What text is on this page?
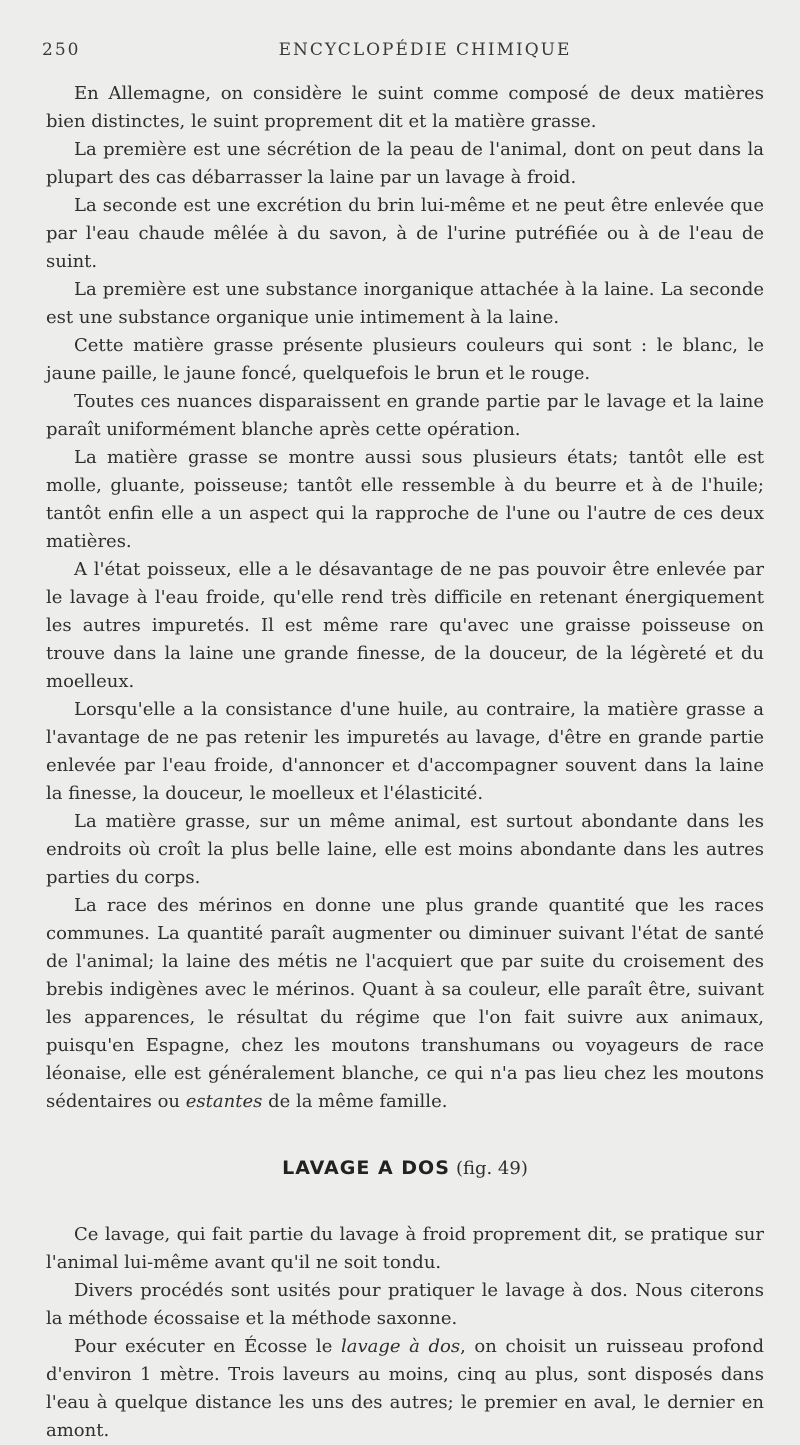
250	ENCYCLOPÉDIE CHIMIQUE

En Allemagne, on considère le suint comme composé de deux matières bien distinctes, le suint proprement dit et la matière grasse.

La première est une sécrétion de la peau de l'animal, dont on peut dans la plupart des cas débarrasser la laine par un lavage à froid.

La seconde est une excrétion du brin lui-même et ne peut être enlevée que par l'eau chaude mêlée à du savon, à de l'urine putréfiée ou à de l'eau de suint.

La première est une substance inorganique attachée à la laine. La seconde est une substance organique unie intimement à la laine.

Cette matière grasse présente plusieurs couleurs qui sont : le blanc, le jaune paille, le jaune foncé, quelquefois le brun et le rouge.

Toutes ces nuances disparaissent en grande partie par le lavage et la laine paraît uniformément blanche après cette opération.

La matière grasse se montre aussi sous plusieurs états; tantôt elle est molle, gluante, poisseuse; tantôt elle ressemble à du beurre et à de l'huile; tantôt enfin elle a un aspect qui la rapproche de l'une ou l'autre de ces deux matières.

A l'état poisseux, elle a le désavantage de ne pas pouvoir être enlevée par le lavage à l'eau froide, qu'elle rend très difficile en retenant énergiquement les autres impuretés. Il est même rare qu'avec une graisse poisseuse on trouve dans la laine une grande finesse, de la douceur, de la légèreté et du moelleux.

Lorsqu'elle a la consistance d'une huile, au contraire, la matière grasse a l'avantage de ne pas retenir les impuretés au lavage, d'être en grande partie enlevée par l'eau froide, d'annoncer et d'accompagner souvent dans la laine la finesse, la douceur, le moelleux et l'élasticité.

La matière grasse, sur un même animal, est surtout abondante dans les endroits où croît la plus belle laine, elle est moins abondante dans les autres parties du corps.

La race des mérinos en donne une plus grande quantité que les races communes. La quantité paraît augmenter ou diminuer suivant l'état de santé de l'animal; la laine des métis ne l'acquiert que par suite du croisement des brebis indigènes avec le mérinos. Quant à sa couleur, elle paraît être, suivant les apparences, le résultat du régime que l'on fait suivre aux animaux, puisqu'en Espagne, chez les moutons transhumans ou voyageurs de race léonaise, elle est généralement blanche, ce qui n'a pas lieu chez les moutons sédentaires ou estantes de la même famille.

LAVAGE A DOS (fig. 49)

Ce lavage, qui fait partie du lavage à froid proprement dit, se pratique sur l'animal lui-même avant qu'il ne soit tondu.

Divers procédés sont usités pour pratiquer le lavage à dos. Nous citerons la méthode écossaise et la méthode saxonne.

Pour exécuter en Écosse le lavage à dos, on choisit un ruisseau profond d'environ 1 mètre. Trois laveurs au moins, cinq au plus, sont disposés dans l'eau à quelque distance les uns des autres; le premier en aval, le dernier en amont.
